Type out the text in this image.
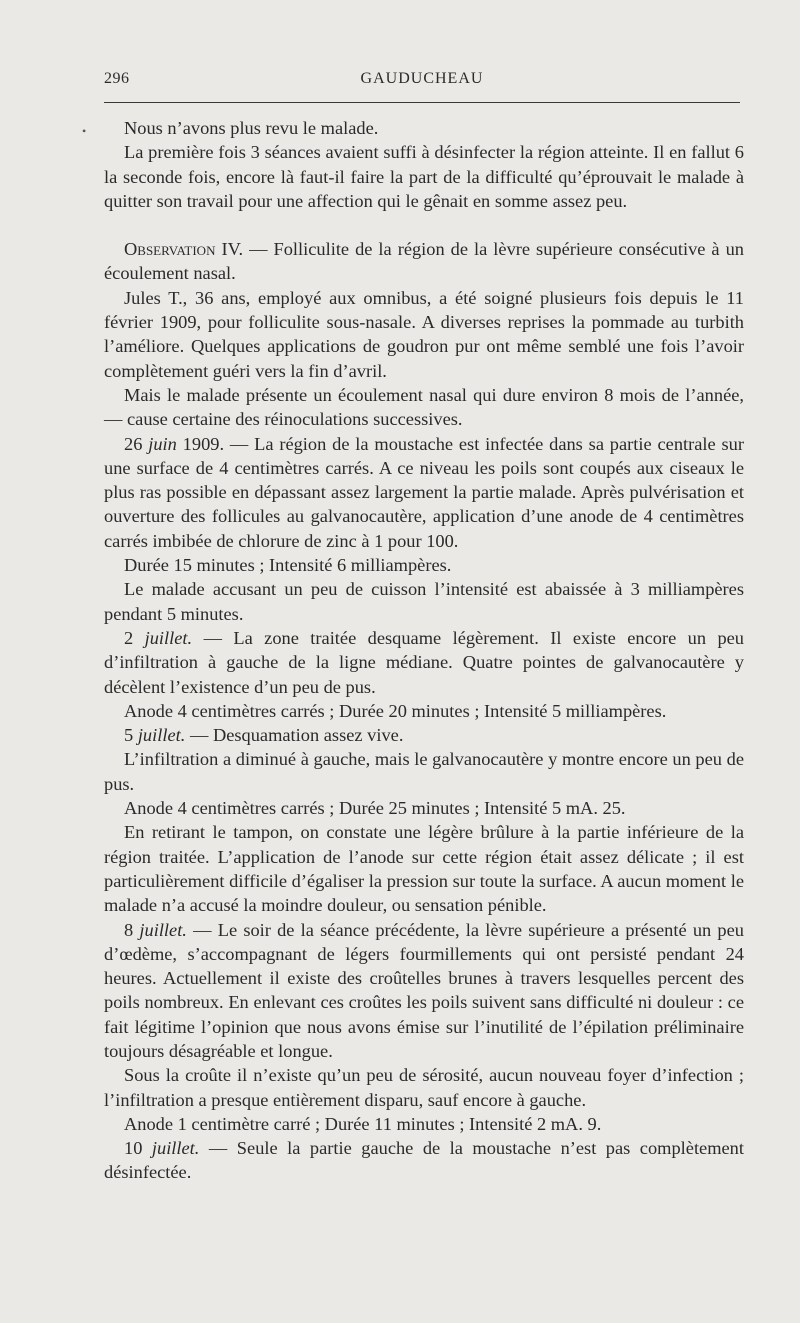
296	GAUDUCHEAU
•	Nous n’avons plus revu le malade.

La première fois 3 séances avaient suffi à désinfecter la région atteinte. Il en fallut 6 la seconde fois, encore là faut-il faire la part de la difficulté qu’éprouvait le malade à quitter son travail pour une affection qui le gênait en somme assez peu.

Observation IV. — Folliculite de la région de la lèvre supérieure consécutive à un écoulement nasal.

Jules T., 36 ans, employé aux omnibus, a été soigné plusieurs fois depuis le 11 février 1909, pour folliculite sous-nasale. A diverses reprises la pommade au turbith l’améliore. Quelques applications de goudron pur ont même semblé une fois l’avoir complètement guéri vers la fin d’avril.

Mais le malade présente un écoulement nasal qui dure environ 8 mois de l’année, — cause certaine des réinoculations successives.

26 juin 1909. — La région de la moustache est infectée dans sa partie centrale sur une surface de 4 centimètres carrés. A ce niveau les poils sont coupés aux ciseaux le plus ras possible en dépassant assez largement la partie malade. Après pulvérisation et ouverture des follicules au galvanocautère, application d’une anode de 4 centimètres carrés imbibée de chlorure de zinc à 1 pour 100.

Durée 15 minutes ; Intensité 6 milliampères.

Le malade accusant un peu de cuisson l’intensité est abaissée à 3 milliampères pendant 5 minutes.

2 juillet. — La zone traitée desquame légèrement. Il existe encore un peu d’infiltration à gauche de la ligne médiane. Quatre pointes de galvanocautère y décèlent l’existence d’un peu de pus.

Anode 4 centimètres carrés ; Durée 20 minutes ; Intensité 5 milliampères.

5 juillet. — Desquamation assez vive.

L’infiltration a diminué à gauche, mais le galvanocautère y montre encore un peu de pus.

Anode 4 centimètres carrés ; Durée 25 minutes ; Intensité 5 mA. 25.

En retirant le tampon, on constate une légère brûlure à la partie inférieure de la région traitée. L’application de l’anode sur cette région était assez délicate ; il est particulièrement difficile d’égaliser la pression sur toute la surface. A aucun moment le malade n’a accusé la moindre douleur, ou sensation pénible.

8 juillet. — Le soir de la séance précédente, la lèvre supérieure a présenté un peu d’œdème, s’accompagnant de légers fourmillements qui ont persisté pendant 24 heures. Actuellement il existe des croûtelles brunes à travers lesquelles percent des poils nombreux. En enlevant ces croûtes les poils suivent sans difficulté ni douleur : ce fait légitime l’opinion que nous avons émise sur l’inutilité de l’épilation préliminaire toujours désagréable et longue.

Sous la croûte il n’existe qu’un peu de sérosité, aucun nouveau foyer d’infection ; l’infiltration a presque entièrement disparu, sauf encore à gauche.

Anode 1 centimètre carré ; Durée 11 minutes ; Intensité 2 mA. 9.

10 juillet. — Seule la partie gauche de la moustache n’est pas complètement désinfectée.
